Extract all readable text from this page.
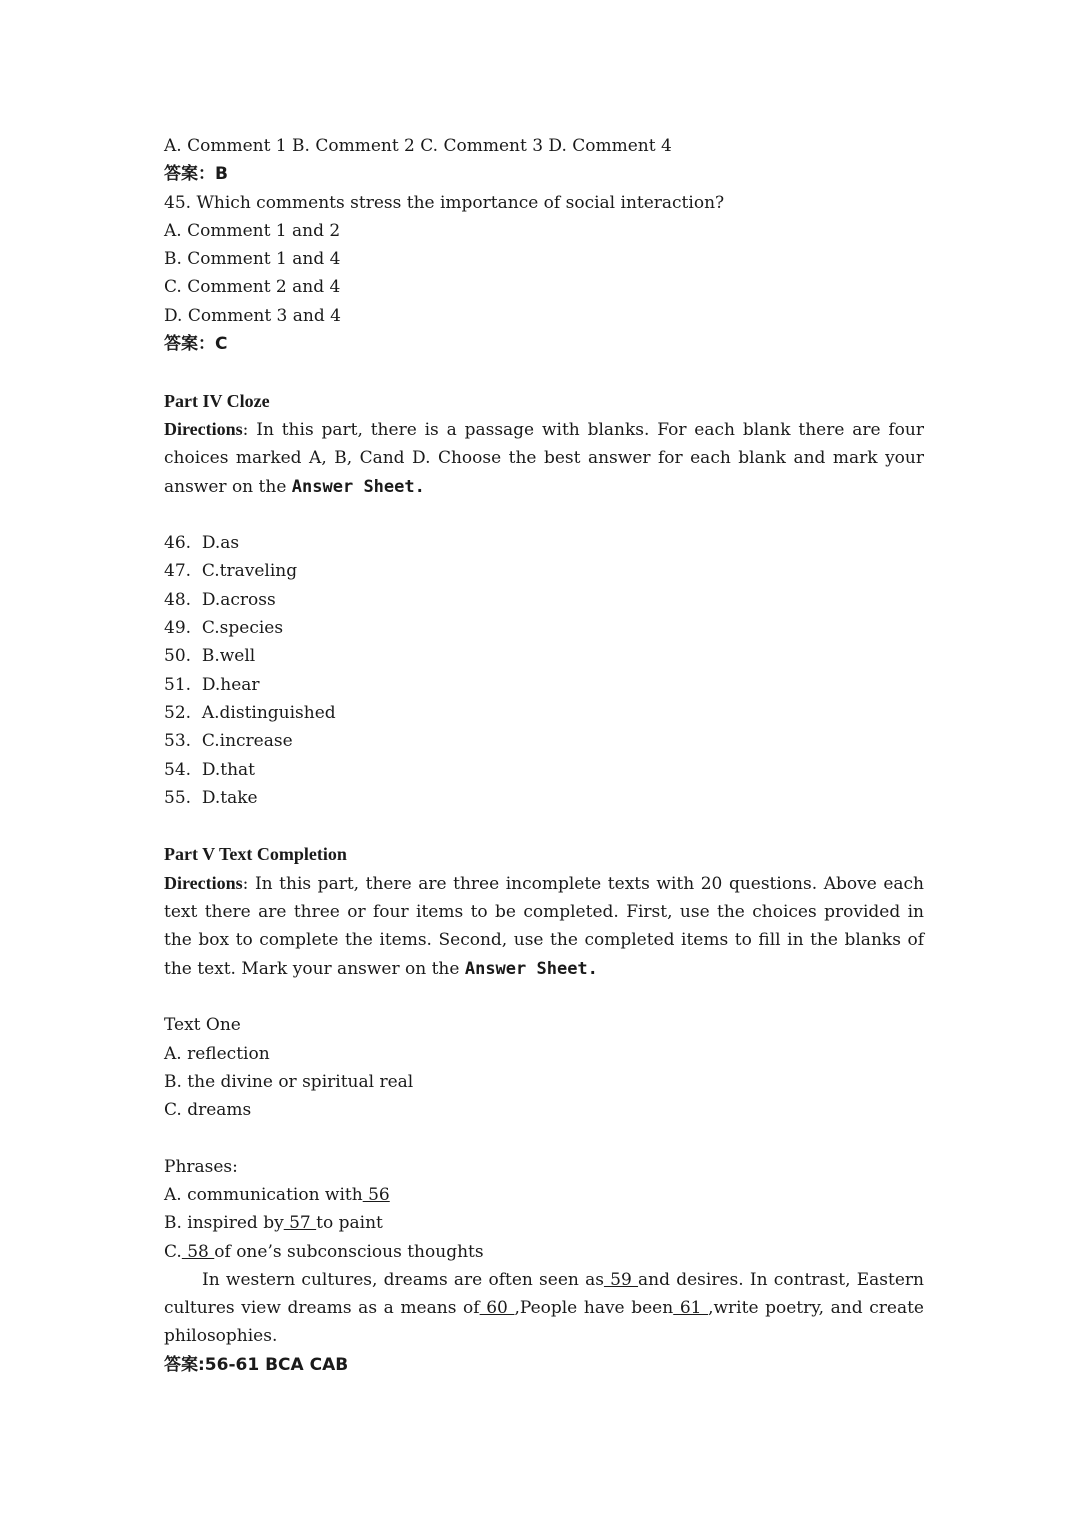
A. Comment 1 B. Comment 2 C. Comment 3 D. Comment 4
答案：B
45. Which comments stress the importance of social interaction?
A. Comment 1 and 2
B. Comment 1 and 4
C. Comment 2 and 4
D. Comment 3 and 4
答案：C
Part IV Cloze
Directions: In this part, there is a passage with blanks. For each blank there are four choices marked A, B, Cand D. Choose the best answer for each blank and mark your answer on the Answer Sheet.
46.  D.as
47.  C.traveling
48.  D.across
49.  C.species
50.  B.well
51.  D.hear
52.  A.distinguished
53.  C.increase
54.  D.that
55.  D.take
Part V Text Completion
Directions: In this part, there are three incomplete texts with 20 questions. Above each text there are three or four items to be completed. First, use the choices provided in the box to complete the items. Second, use the completed items to fill in the blanks of the text. Mark your answer on the Answer Sheet.
Text One
A. reflection
B. the divine or spiritual real
C. dreams
Phrases:
A. communication with 56
B. inspired by 57 to paint
C. 58 of one’s subconscious thoughts
In western cultures, dreams are often seen as 59 and desires. In contrast, Eastern cultures view dreams as a means of 60 ,People have been 61 ,write poetry, and create philosophies.
答案:56-61 BCA CAB
